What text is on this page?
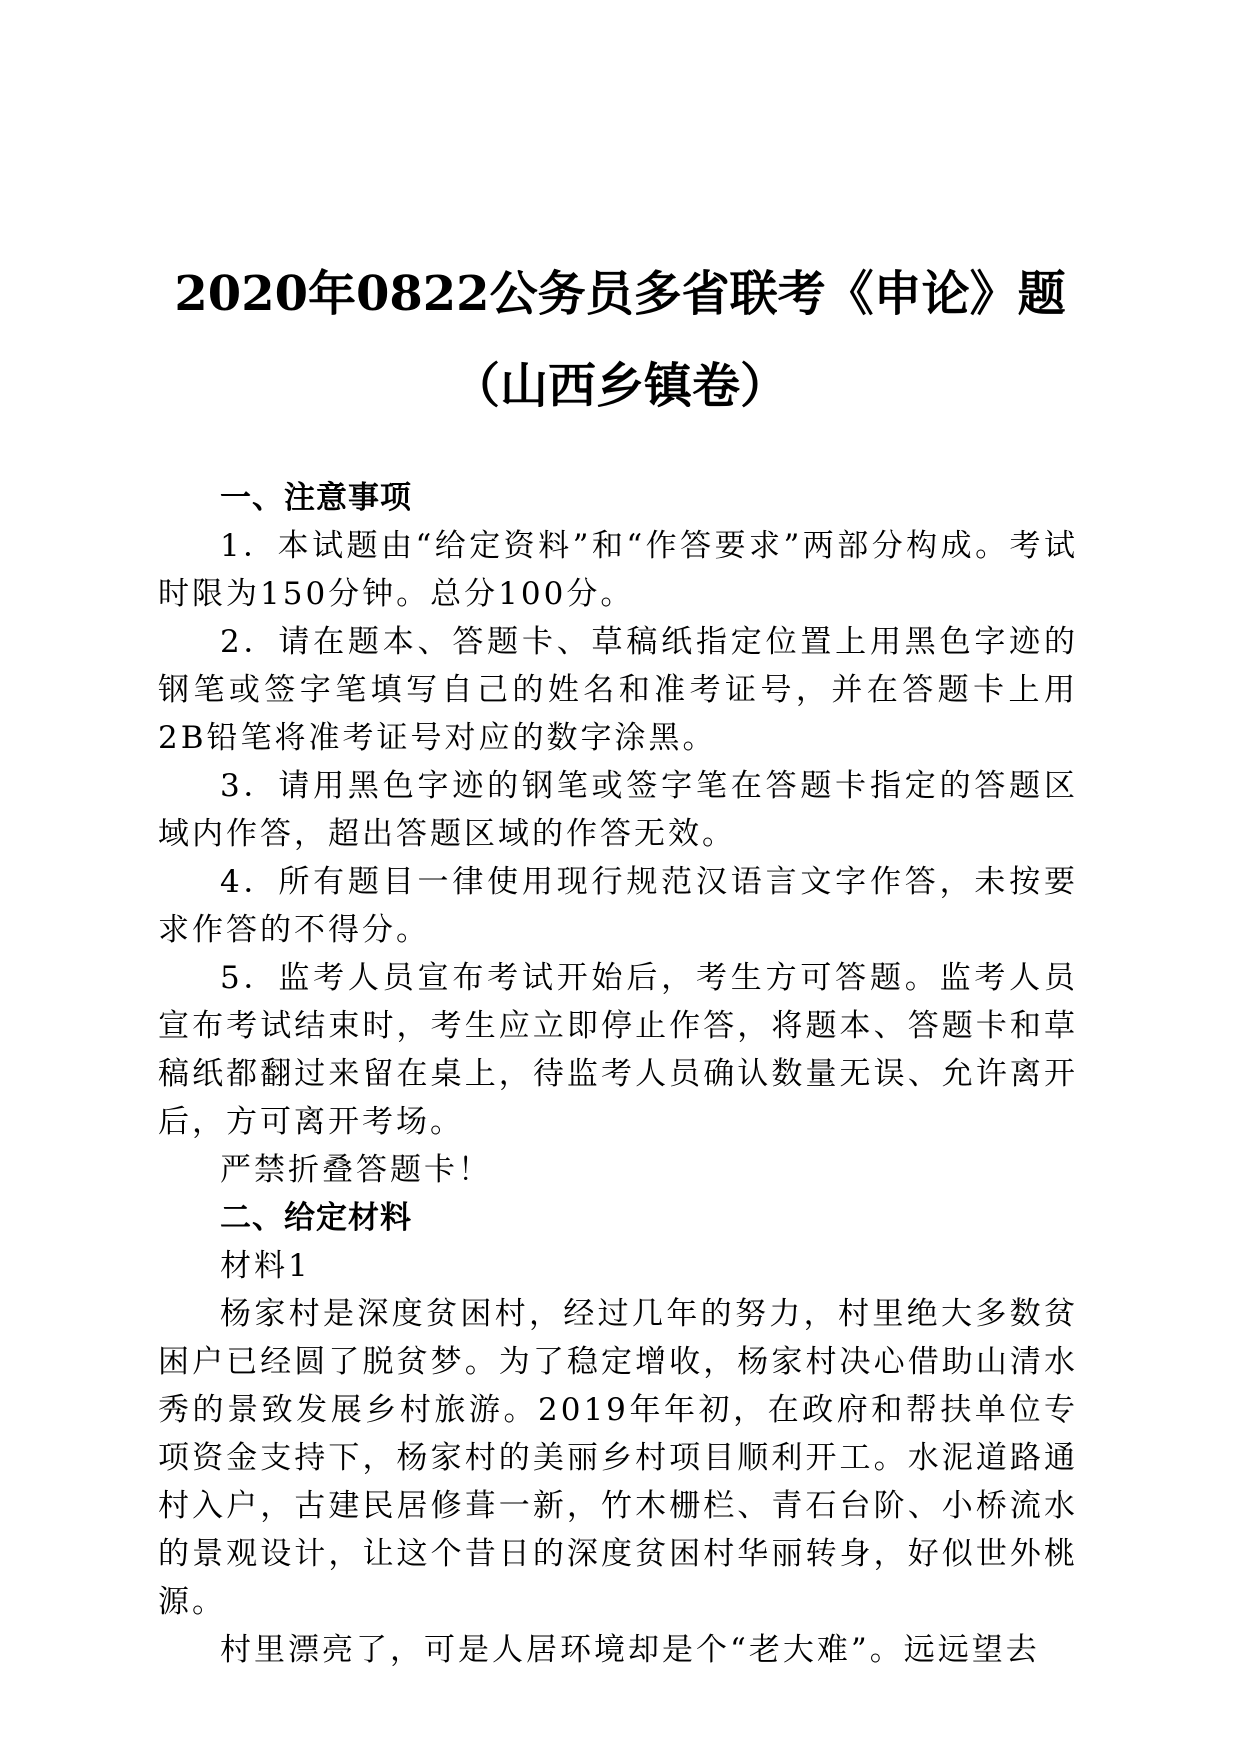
2020年0822公务员多省联考《申论》题（山西乡镇卷）

一、注意事项

1．本试题由“给定资料”和“作答要求”两部分构成。考试时限为150分钟。总分100分。

2．请在题本、答题卡、草稿纸指定位置上用黑色字迹的钢笔或签字笔填写自己的姓名和准考证号，并在答题卡上用2B铅笔将准考证号对应的数字涂黑。

3．请用黑色字迹的钢笔或签字笔在答题卡指定的答题区域内作答，超出答题区域的作答无效。

4．所有题目一律使用现行规范汉语言文字作答，未按要求作答的不得分。

5．监考人员宣布考试开始后，考生方可答题。监考人员宣布考试结束时，考生应立即停止作答，将题本、答题卡和草稿纸都翻过来留在桌上，待监考人员确认数量无误、允许离开后，方可离开考场。

严禁折叠答题卡！

二、给定材料

材料1

杨家村是深度贫困村，经过几年的努力，村里绝大多数贫困户已经圆了脱贫梦。为了稳定增收，杨家村决心借助山清水秀的景致发展乡村旅游。2019年年初，在政府和帮扶单位专项资金支持下，杨家村的美丽乡村项目顺利开工。水泥道路通村入户，古建民居修葺一新，竹木栅栏、青石台阶、小桥流水的景观设计，让这个昔日的深度贫困村华丽转身，好似世外桃源。

村里漂亮了，可是人居环境却是个“老大难”。远远望去
